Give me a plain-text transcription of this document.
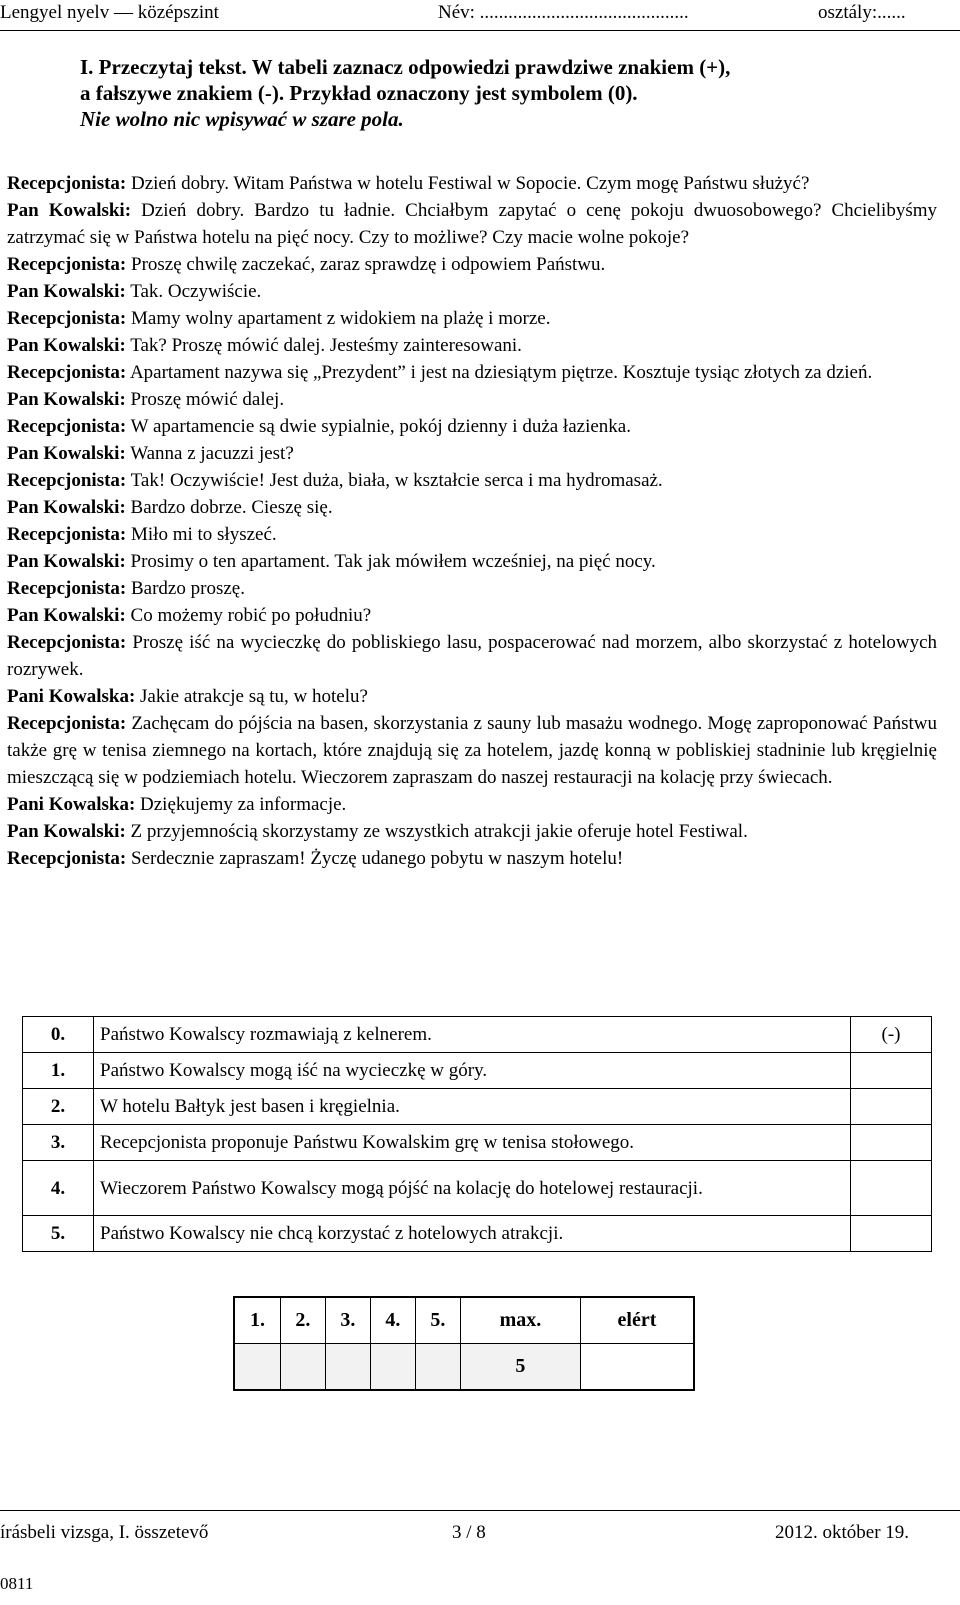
Lengyel nyelv — középszint	Név: ............................................	osztály:......
I. Przeczytaj tekst. W tabeli zaznacz odpowiedzi prawdziwe znakiem (+),
a fałszywe znakiem (-). Przykład oznaczony jest symbolem (0).
Nie wolno nic wpisywać w szare pola.
Recepcjonista: Dzień dobry. Witam Państwa w hotelu Festiwal w Sopocie. Czym mogę Państwu służyć?
Pan Kowalski: Dzień dobry. Bardzo tu ładnie. Chciałbym zapytać o cenę pokoju dwuosobowego? Chcielibyśmy zatrzymać się w Państwa hotelu na pięć nocy. Czy to możliwe? Czy macie wolne pokoje?
Recepcjonista: Proszę chwilę zaczekać, zaraz sprawdzę i odpowiem Państwu.
Pan Kowalski: Tak. Oczywiście.
Recepcjonista: Mamy wolny apartament z widokiem na plażę i morze.
Pan Kowalski: Tak? Proszę mówić dalej. Jesteśmy zainteresowani.
Recepcjonista: Apartament nazywa się „Prezydent” i jest na dziesiątym piętrze. Kosztuje tysiąc złotych za dzień.
Pan Kowalski: Proszę mówić dalej.
Recepcjonista: W apartamencie są dwie sypialnie, pokój dzienny i duża łazienka.
Pan Kowalski: Wanna z jacuzzi jest?
Recepcjonista: Tak! Oczywiście! Jest duża, biała, w kształcie serca i ma hydromasaż.
Pan Kowalski: Bardzo dobrze. Cieszę się.
Recepcjonista: Miło mi to słyszeć.
Pan Kowalski: Prosimy o ten apartament. Tak jak mówiłem wcześniej, na pięć nocy.
Recepcjonista: Bardzo proszę.
Pan Kowalski: Co możemy robić po południu?
Recepcjonista: Proszę iść na wycieczkę do pobliskiego lasu, pospacerować nad morzem, albo skorzystać z hotelowych rozrywek.
Pani Kowalska: Jakie atrakcje są tu, w hotelu?
Recepcjonista: Zachęcam do pójścia na basen, skorzystania z sauny lub masażu wodnego. Mogę zaproponować Państwu także grę w tenisa ziemnego na kortach, które znajdują się za hotelem, jazdę konną w pobliskiej stadninie lub kręgielnię mieszczącą się w podziemiach hotelu. Wieczorem zapraszam do naszej restauracji na kolację przy świecach.
Pani Kowalska: Dziękujemy za informacje.
Pan Kowalski: Z przyjemnością skorzystamy ze wszystkich atrakcji jakie oferuje hotel Festiwal.
Recepcjonista: Serdecznie zapraszam! Życzę udanego pobytu w naszym hotelu!
0.	Państwo Kowalscy rozmawiają z kelnerem.	(-)
1.	Państwo Kowalscy mogą iść na wycieczkę w góry.	
2.	W hotelu Bałtyk jest basen i kręgielnia.	
3.	Recepcjonista proponuje Państwu Kowalskim grę w tenisa stołowego.	
4.	Wieczorem Państwo Kowalscy mogą pójść na kolację do hotelowej restauracji.	
5.	Państwo Kowalscy nie chcą korzystać z hotelowych atrakcji.	
1.	2.	3.	4.	5.	max.	elért
					5	
írásbeli vizsga, I. összetevő	3 / 8	2012. október 19.
0811
